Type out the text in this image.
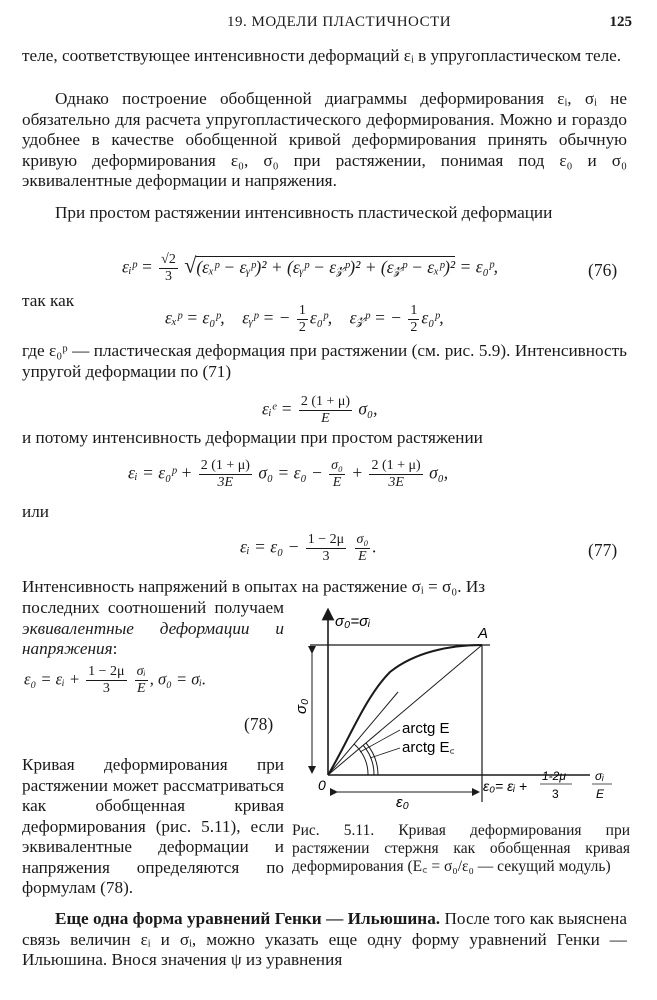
19. МОДЕЛИ ПЛАСТИЧНОСТИ	125

теле, соответствующее интенсивности деформаций εᵢ в упругопластическом теле.

Однако построение обобщенной диаграммы деформирования εᵢ, σᵢ не обязательно для расчета упругопластического деформирования. Можно и гораздо удобнее в качестве обобщенной кривой деформирования принять обычную кривую деформирования ε₀, σ₀ при растяжении, понимая под ε₀ и σ₀ эквивалентные деформации и напряжения.

При простом растяжении интенсивность пластической деформации

εᵢᵖ = $\frac{√2}{3}$ √(εₓᵖ − εᵧᵖ)² + (εᵧᵖ − ε𝓏ᵖ)² + (ε𝓏ᵖ − εₓᵖ)² = ε₀ᵖ,	(76)
так как
εₓᵖ = ε₀ᵖ, εᵧᵖ = − $\frac{1}{2}$ ε₀ᵖ, ε𝓏ᵖ = − $\frac{1}{2}$ ε₀ᵖ,

где ε₀ᵖ — пластическая деформация при растяжении (см. рис. 5.9). Интенсивность упругой деформации по (71)

εᵢᵉ = $\frac{2 (1 + \mu)}{E} \sigma_0$,

и потому интенсивность деформации при простом растяжении

εᵢ = ε₀ᵖ + $\frac{2 (1 + \mu)}{3E} \sigma_0 = \varepsilon_0 - \frac{\text{σ₀}}{E} + \frac{2 (1 + \mu)}{3E} \sigma_0$,
или
εᵢ = $\varepsilon_0 - \frac{1 - 2\mu}{3}$
$\frac{\text{σ₀}}{E}$ .	(77)
Интенсивность напряжений в опытах на растяжение σᵢ = σ₀. Из

последних соотношений получаем эквивалентные деформации и напряжения:

ε₀ = εᵢ + $\frac{1 - 2\mu}{3}$
$\frac{\text{σᵢ}}{E}$ , σ₀ = σᵢ.
(78)

Кривая деформирования при растяжении может рассматриваться как обобщенная кривая деформирования (рис. 5.11), если эквивалентные деформации и напряжения определяются по формулам (78).

σ₀=σᵢ
A
0
σ₀
ε₀
arctg E
arctg E꜀
ε₀= εᵢ +
1-2μ
3
σᵢ
E

Рис. 5.11. Кривая деформирования при растяжении стержня как обобщенная кривая деформирования (E꜀ = σ₀/ε₀ — секущий модуль)

Еще одна форма уравнений Генки — Ильюшина. После того как выяснена связь величин εᵢ и σᵢ, можно указать еще одну форму уравнений Генки — Ильюшина. Внося значения ψ из уравнения
